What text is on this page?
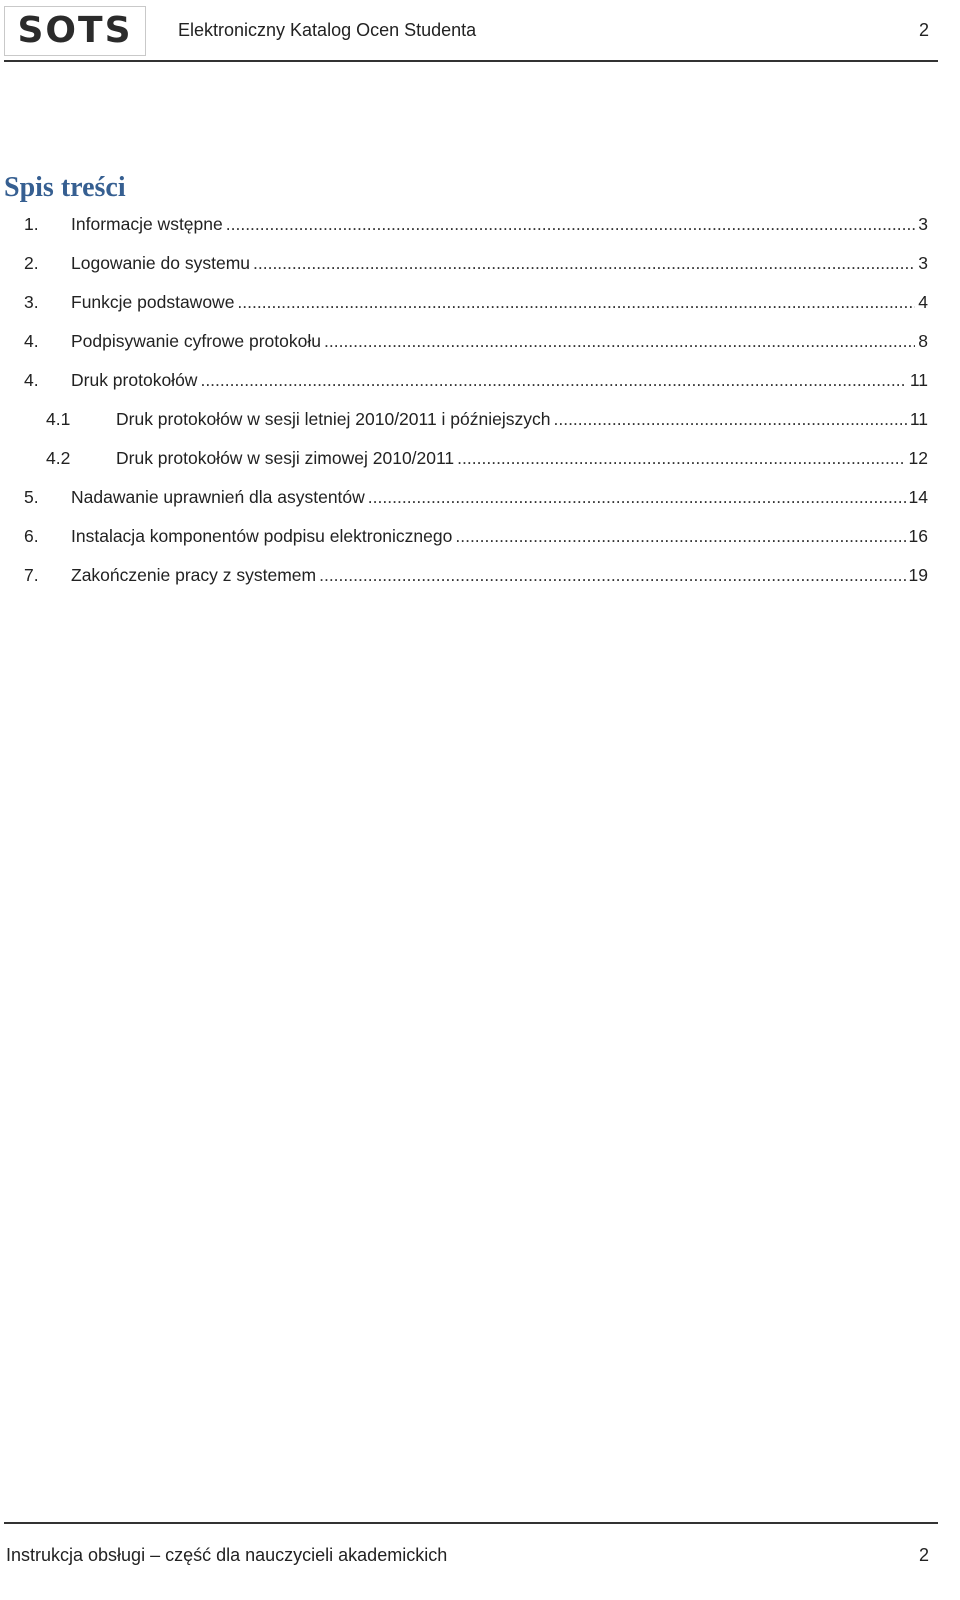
SOTS	Elektroniczny Katalog Ocen Studenta	2
Spis treści
1.	Informacje wstępne .....	3
2.	Logowanie do systemu .....	3
3.	Funkcje podstawowe .....	4
4.	Podpisywanie cyfrowe protokołu .....	8
4.	Druk protokołów .....	11
4.1	Druk protokołów w sesji letniej 2010/2011 i późniejszych .....	11
4.2	Druk protokołów w sesji zimowej 2010/2011 .....	12
5.	Nadawanie uprawnień dla asystentów .....	14
6.	Instalacja komponentów podpisu elektronicznego .....	16
7.	Zakończenie pracy z systemem .....	19
Instrukcja obsługi – część dla nauczycieli akademickich	2
